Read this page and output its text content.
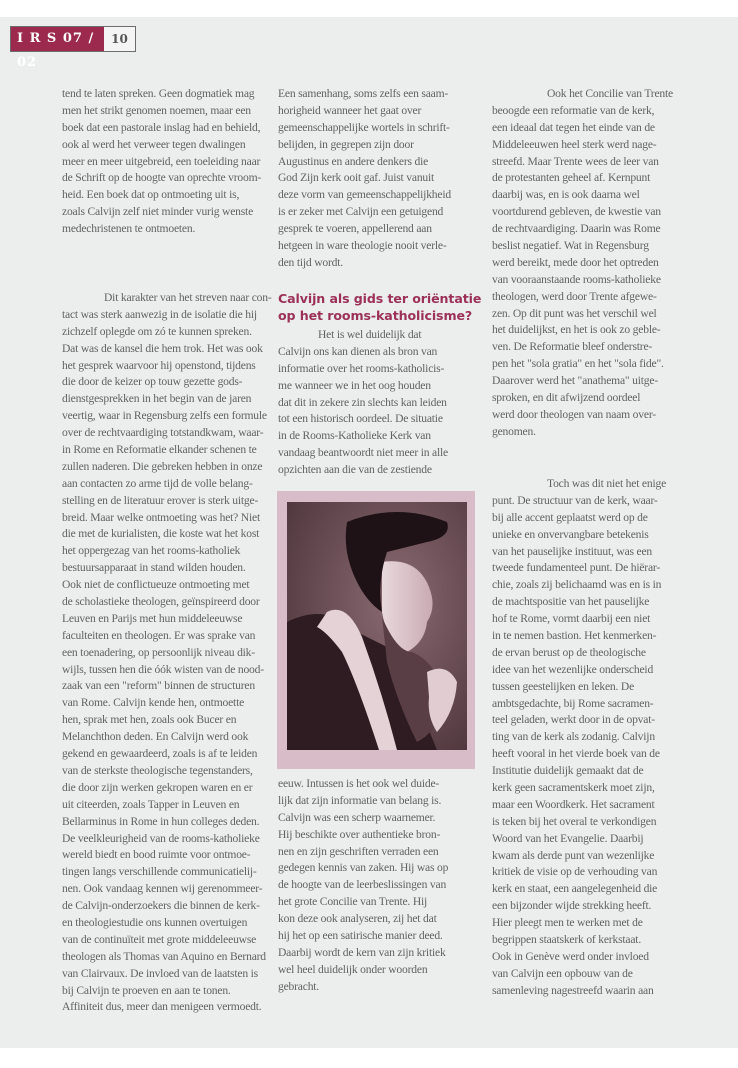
I R S 07 / 02
10
Calvijn als gids ter oriëntatie
op het rooms-katholicisme?
tend te laten spreken. Geen dogmatiek mag
men het strikt genomen noemen, maar een
boek dat een pastorale inslag had en behield,
ook al werd het verweer tegen dwalingen
meer en meer uitgebreid, een toeleiding naar
de Schrift op de hoogte van oprechte vroom-
heid. Een boek dat op ontmoeting uit is,
zoals Calvijn zelf niet minder vurig wenste
medechristenen te ontmoeten.
Dit karakter van het streven naar con-
tact was sterk aanwezig in de isolatie die hij
zichzelf oplegde om zó te kunnen spreken.
Dat was de kansel die hem trok. Het was ook
het gesprek waarvoor hij openstond, tijdens
die door de keizer op touw gezette gods-
dienstgesprekken in het begin van de jaren
veertig, waar in Regensburg zelfs een formule
over de rechtvaardiging totstandkwam, waar-
in Rome en Reformatie elkander schenen te
zullen naderen. Die gebreken hebben in onze
aan contacten zo arme tijd de volle belang-
stelling en de literatuur erover is sterk uitge-
breid. Maar welke ontmoeting was het? Niet
die met de kurialisten, die koste wat het kost
het oppergezag van het rooms-katholiek
bestuursapparaat in stand wilden houden.
Ook niet de conflictueuze ontmoeting met
de scholastieke theologen, geïnspireerd door
Leuven en Parijs met hun middeleeuwse
faculteiten en theologen. Er was sprake van
een toenadering, op persoonlijk niveau dik-
wijls, tussen hen die óók wisten van de nood-
zaak van een "reform" binnen de structuren
van Rome. Calvijn kende hen, ontmoette
hen, sprak met hen, zoals ook Bucer en
Melanchthon deden. En Calvijn werd ook
gekend en gewaardeerd, zoals is af te leiden
van de sterkste theologische tegenstanders,
die door zijn werken gekropen waren en er
uit citeerden, zoals Tapper in Leuven en
Bellarminus in Rome in hun colleges deden.
De veelkleurigheid van de rooms-katholieke
wereld biedt en bood ruimte voor ontmoe-
tingen langs verschillende communicatielij-
nen. Ook vandaag kennen wij gerenommeer-
de Calvijn-onderzoekers die binnen de kerk-
en theologiestudie ons kunnen overtuigen
van de continuïteit met grote middeleeuwse
theologen als Thomas van Aquino en Bernard
van Clairvaux. De invloed van de laatsten is
bij Calvijn te proeven en aan te tonen.
Affiniteit dus, meer dan menigeen vermoedt.
Een samenhang, soms zelfs een saam-
horigheid wanneer het gaat over
gemeenschappelijke wortels in schrift-
belijden, in gegrepen zijn door
Augustinus en andere denkers die
God Zijn kerk ooit gaf. Juist vanuit
deze vorm van gemeenschappelijkheid
is er zeker met Calvijn een getuigend
gesprek te voeren, appellerend aan
hetgeen in ware theologie nooit verle-
den tijd wordt.
Het is wel duidelijk dat
Calvijn ons kan dienen als bron van
informatie over het rooms-katholicis-
me wanneer we in het oog houden
dat dit in zekere zin slechts kan leiden
tot een historisch oordeel. De situatie
in de Rooms-Katholieke Kerk van
vandaag beantwoordt niet meer in alle
opzichten aan die van de zestiende
eeuw. Intussen is het ook wel duide-
lijk dat zijn informatie van belang is.
Calvijn was een scherp waarnemer.
Hij beschikte over authentieke bron-
nen en zijn geschriften verraden een
gedegen kennis van zaken. Hij was op
de hoogte van de leerbeslissingen van
het grote Concilie van Trente. Hij
kon deze ook analyseren, zij het dat
hij het op een satirische manier deed.
Daarbij wordt de kern van zijn kritiek
wel heel duidelijk onder woorden
gebracht.
Ook het Concilie van Trente
beoogde een reformatie van de kerk,
een ideaal dat tegen het einde van de
Middeleeuwen heel sterk werd nage-
streefd. Maar Trente wees de leer van
de protestanten geheel af. Kernpunt
daarbij was, en is ook daarna wel
voortdurend gebleven, de kwestie van
de rechtvaardiging. Daarin was Rome
beslist negatief. Wat in Regensburg
werd bereikt, mede door het optreden
van vooraanstaande rooms-katholieke
theologen, werd door Trente afgewe-
zen. Op dit punt was het verschil wel
het duidelijkst, en het is ook zo geble-
ven. De Reformatie bleef onderstre-
pen het "sola gratia" en het "sola fide".
Daarover werd het "anathema" uitge-
sproken, en dit afwijzend oordeel
werd door theologen van naam over-
genomen.
Toch was dit niet het enige
punt. De structuur van de kerk, waar-
bij alle accent geplaatst werd op de
unieke en onvervangbare betekenis
van het pauselijke instituut, was een
tweede fundamenteel punt. De hiërar-
chie, zoals zij belichaamd was en is in
de machtspositie van het pauselijke
hof te Rome, vormt daarbij een niet
in te nemen bastion. Het kenmerken-
de ervan berust op de theologische
idee van het wezenlijke onderscheid
tussen geestelijken en leken. De
ambtsgedachte, bij Rome sacramen-
teel geladen, werkt door in de opvat-
ting van de kerk als zodanig. Calvijn
heeft vooral in het vierde boek van de
Institutie duidelijk gemaakt dat de
kerk geen sacramentskerk moet zijn,
maar een Woordkerk. Het sacrament
is teken bij het overal te verkondigen
Woord van het Evangelie. Daarbij
kwam als derde punt van wezenlijke
kritiek de visie op de verhouding van
kerk en staat, een aangelegenheid die
een bijzonder wijde strekking heeft.
Hier pleegt men te werken met de
begrippen staatskerk of kerkstaat.
Ook in Genève werd onder invloed
van Calvijn een opbouw van de
samenleving nagestreefd waarin aan
